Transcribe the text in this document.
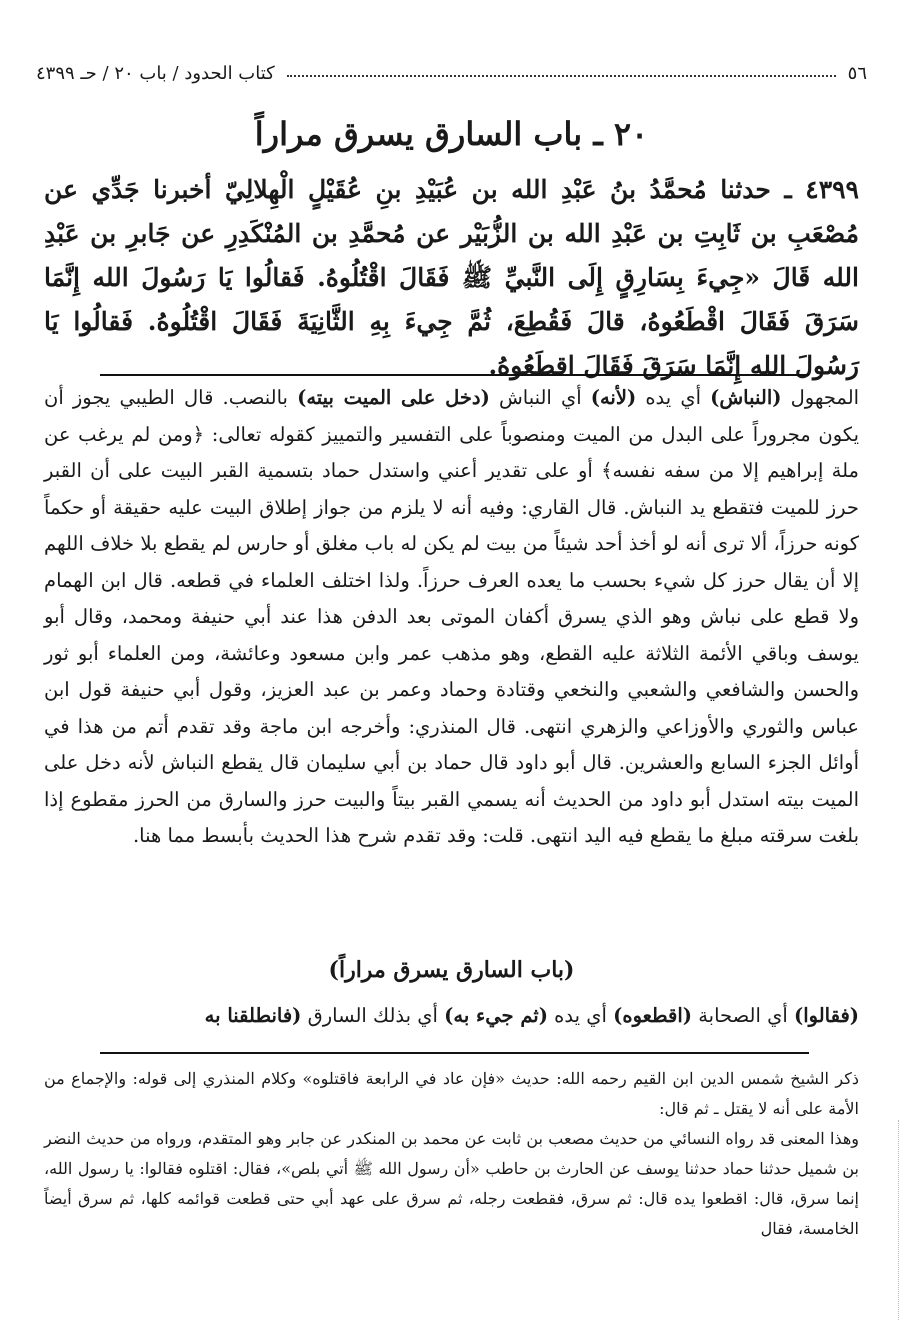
٥٦
كتاب الحدود / باب ٢٠ / حـ ٤٣٩٩
٢٠ ـ باب السارق يسرق مراراً
٤٣٩٩ ـ حدثنا مُحمَّدُ بنُ عَبْدِ الله بن عُبَيْدِ بنِ عُقَيْلٍ الْهِلالِيّ أخبرنا جَدِّي عن مُصْعَبِ بن ثَابِتِ بن عَبْدِ الله بن الزُّبَيْر عن مُحمَّدِ بن المُنْكَدِرِ عن جَابرِ بن عَبْدِ الله قَالَ «جِيءَ بِسَارِقٍ إِلَى النَّبيِّ ﷺ فَقَالَ اقْتُلُوهُ. فَقالُوا يَا رَسُولَ الله إِنَّمَا سَرَقَ فَقَالَ اقْطَعُوهُ، قالَ فَقُطِعَ، ثُمَّ جِيءَ بِهِ الثَّانِيَةَ فَقَالَ اقْتُلُوهُ. فَقالُوا يَا رَسُولَ الله إِنَّمَا سَرَقَ فَقَالَ اقطَعُوهُ.
المجهول (النباش) أي يده (لأنه) أي النباش (دخل على الميت بيته) بالنصب. قال الطيبي يجوز أن يكون مجروراً على البدل من الميت ومنصوباً على التفسير والتمييز كقوله تعالى: ﴿ومن لم يرغب عن ملة إبراهيم إلا من سفه نفسه﴾ أو على تقدير أعني واستدل حماد بتسمية القبر البيت على أن القبر حرز للميت فتقطع يد النباش. قال القاري: وفيه أنه لا يلزم من جواز إطلاق البيت عليه حقيقة أو حكماً كونه حرزاً، ألا ترى أنه لو أخذ أحد شيئاً من بيت لم يكن له باب مغلق أو حارس لم يقطع بلا خلاف اللهم إلا أن يقال حرز كل شيء بحسب ما يعده العرف حرزاً. ولذا اختلف العلماء في قطعه. قال ابن الهمام ولا قطع على نباش وهو الذي يسرق أكفان الموتى بعد الدفن هذا عند أبي حنيفة ومحمد، وقال أبو يوسف وباقي الأئمة الثلاثة عليه القطع، وهو مذهب عمر وابن مسعود وعائشة، ومن العلماء أبو ثور والحسن والشافعي والشعبي والنخعي وقتادة وحماد وعمر بن عبد العزيز، وقول أبي حنيفة قول ابن عباس والثوري والأوزاعي والزهري انتهى. قال المنذري: وأخرجه ابن ماجة وقد تقدم أتم من هذا في أوائل الجزء السابع والعشرين. قال أبو داود قال حماد بن أبي سليمان قال يقطع النباش لأنه دخل على الميت بيته استدل أبو داود من الحديث أنه يسمي القبر بيتاً والبيت حرز والسارق من الحرز مقطوع إذا بلغت سرقته مبلغ ما يقطع فيه اليد انتهى. قلت: وقد تقدم شرح هذا الحديث بأبسط مما هنا.
(باب السارق يسرق مراراً)
(فقالوا) أي الصحابة (اقطعوه) أي يده (ثم جيء به) أي بذلك السارق (فانطلقنا به

ذكر الشيخ شمس الدين ابن القيم رحمه الله: حديث «فإن عاد في الرابعة فاقتلوه» وكلام المنذري إلى قوله: والإجماع من الأمة على أنه لا يقتل ـ ثم قال:

وهذا المعنى قد رواه النسائي من حديث مصعب بن ثابت عن محمد بن المنكدر عن جابر وهو المتقدم، ورواه من حديث النضر بن شميل حدثنا حماد حدثنا يوسف عن الحارث بن حاطب «أن رسول الله ﷺ أتي بلص»، فقال: اقتلوه فقالوا: يا رسول الله، إنما سرق، قال: اقطعوا يده قال: ثم سرق، فقطعت رجله، ثم سرق على عهد أبي حتى قطعت قوائمه كلها، ثم سرق أيضاً الخامسة، فقال
